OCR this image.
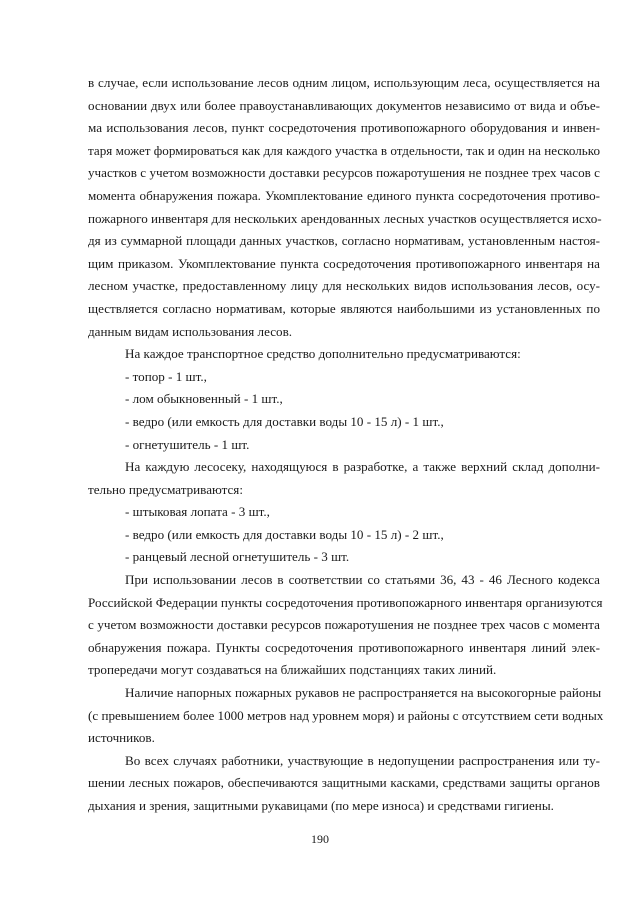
в случае, если использование лесов одним лицом, использующим леса, осуществляется на
основании двух или более правоустанавливающих документов независимо от вида и объе-
ма использования лесов, пункт сосредоточения противопожарного оборудования и инвен-
таря может формироваться как для каждого участка в отдельности, так и один на несколько
участков с учетом возможности доставки ресурсов пожаротушения не позднее трех часов с
момента обнаружения пожара. Укомплектование единого пункта сосредоточения противо-
пожарного инвентаря для нескольких арендованных лесных участков осуществляется исхо-
дя из суммарной площади данных участков, согласно нормативам, установленным настоя-
щим приказом. Укомплектование пункта сосредоточения противопожарного инвентаря на
лесном участке, предоставленному лицу для нескольких видов использования лесов, осу-
ществляется согласно нормативам, которые являются наибольшими из установленных по
данным видам использования лесов.
На каждое транспортное средство дополнительно предусматриваются:
- топор - 1 шт.,
- лом обыкновенный - 1 шт.,
- ведро (или емкость для доставки воды 10 - 15 л) - 1 шт.,
- огнетушитель - 1 шт.
На каждую лесосеку, находящуюся в разработке, а также верхний склад дополни-
тельно предусматриваются:
- штыковая лопата - 3 шт.,
- ведро (или емкость для доставки воды 10 - 15 л) - 2 шт.,
- ранцевый лесной огнетушитель - 3 шт.
При использовании лесов в соответствии со статьями 36, 43 - 46 Лесного кодекса
Российской Федерации пункты сосредоточения противопожарного инвентаря организуются
с учетом возможности доставки ресурсов пожаротушения не позднее трех часов с момента
обнаружения пожара. Пункты сосредоточения противопожарного инвентаря линий элек-
тропередачи могут создаваться на ближайших подстанциях таких линий.
Наличие напорных пожарных рукавов не распространяется на высокогорные районы
(с превышением более 1000 метров над уровнем моря) и районы с отсутствием сети водных
источников.
Во всех случаях работники, участвующие в недопущении распространения или ту-
шении лесных пожаров, обеспечиваются защитными касками, средствами защиты органов
дыхания и зрения, защитными рукавицами (по мере износа) и средствами гигиены.
190
